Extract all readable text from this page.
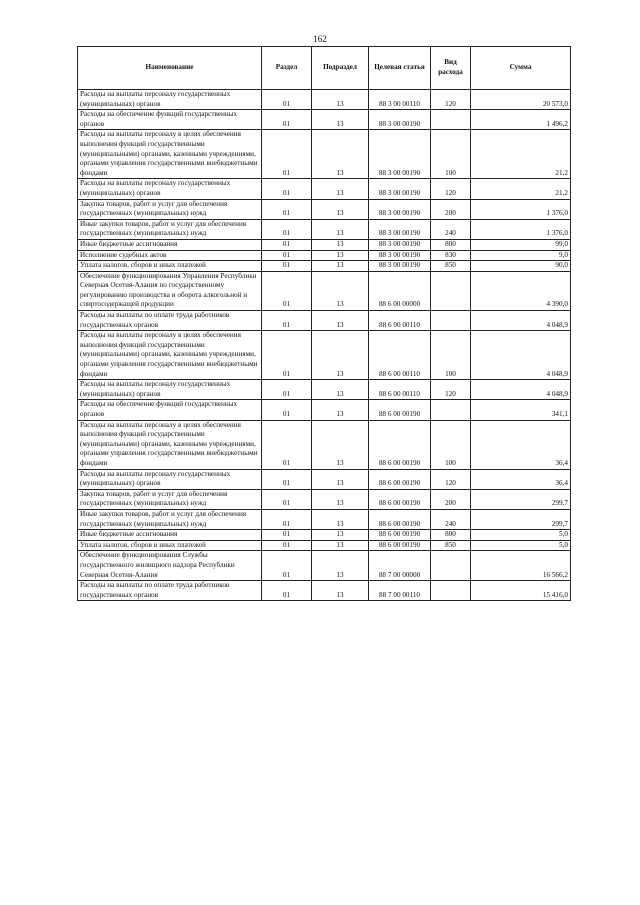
162
Наименование	Раздел	Подраздел	Целевая статья	Вид расхода	Сумма
Расходы на выплаты персоналу государственных (муниципальных) органов	01	13	88 3 00 00110	120	20 573,0
Расходы на обеспечение функций государственных органов	01	13	88 3 00 00190		1 496,2
Расходы на выплаты персоналу в целях обеспечения выполнения функций государственными (муниципальными) органами, казенными учреждениями, органами управления государственными внебюджетными фондами	01	13	88 3 00 00190	100	21,2
Расходы на выплаты персоналу государственных (муниципальных) органов	01	13	88 3 00 00190	120	21,2
Закупка товаров, работ и услуг для обеспечения государственных (муниципальных) нужд	01	13	88 3 00 00190	200	1 376,0
Иные закупки товаров, работ и услуг для обеспечения государственных (муниципальных) нужд	01	13	88 3 00 00190	240	1 376,0
Иные бюджетные ассигнования	01	13	88 3 00 00190	800	99,0
Исполнение судебных актов	01	13	88 3 00 00190	830	9,0
Уплата налогов, сборов и иных платежей	01	13	88 3 00 00190	850	90,0
Обеспечение функционирования Управления Республики Северная Осетия-Алания по государственному регулированию производства и оборота алкогольной и спиртосодержащей продукции	01	13	88 6 00 00000		4 390,0
Расходы на выплаты по оплате труда работников государственных органов	01	13	88 6 00 00110		4 048,9
Расходы на выплаты персоналу в целях обеспечения выполнения функций государственными (муниципальными) органами, казенными учреждениями, органами управления государственными внебюджетными фондами	01	13	88 6 00 00110	100	4 048,9
Расходы на выплаты персоналу государственных (муниципальных) органов	01	13	88 6 00 00110	120	4 048,9
Расходы на обеспечение функций государственных органов	01	13	88 6 00 00190		341,1
Расходы на выплаты персоналу в целях обеспечения выполнения функций государственными (муниципальными) органами, казенными учреждениями, органами управления государственными внебюджетными фондами	01	13	88 6 00 00190	100	36,4
Расходы на выплаты персоналу государственных (муниципальных) органов	01	13	88 6 00 00190	120	36,4
Закупка товаров, работ и услуг для обеспечения государственных (муниципальных) нужд	01	13	88 6 00 00190	200	299,7
Иные закупки товаров, работ и услуг для обеспечения государственных (муниципальных) нужд	01	13	88 6 00 00190	240	299,7
Иные бюджетные ассигнования	01	13	88 6 00 00190	800	5,0
Уплата налогов, сборов и иных платежей	01	13	88 6 00 00190	850	5,0
Обеспечение функционирования Службы государственного жилищного надзора Республики Северная Осетия-Алания	01	13	88 7 00 00000		16 566,2
Расходы на выплаты по оплате труда работников государственных органов	01	13	88 7 00 00110		15 416,0
